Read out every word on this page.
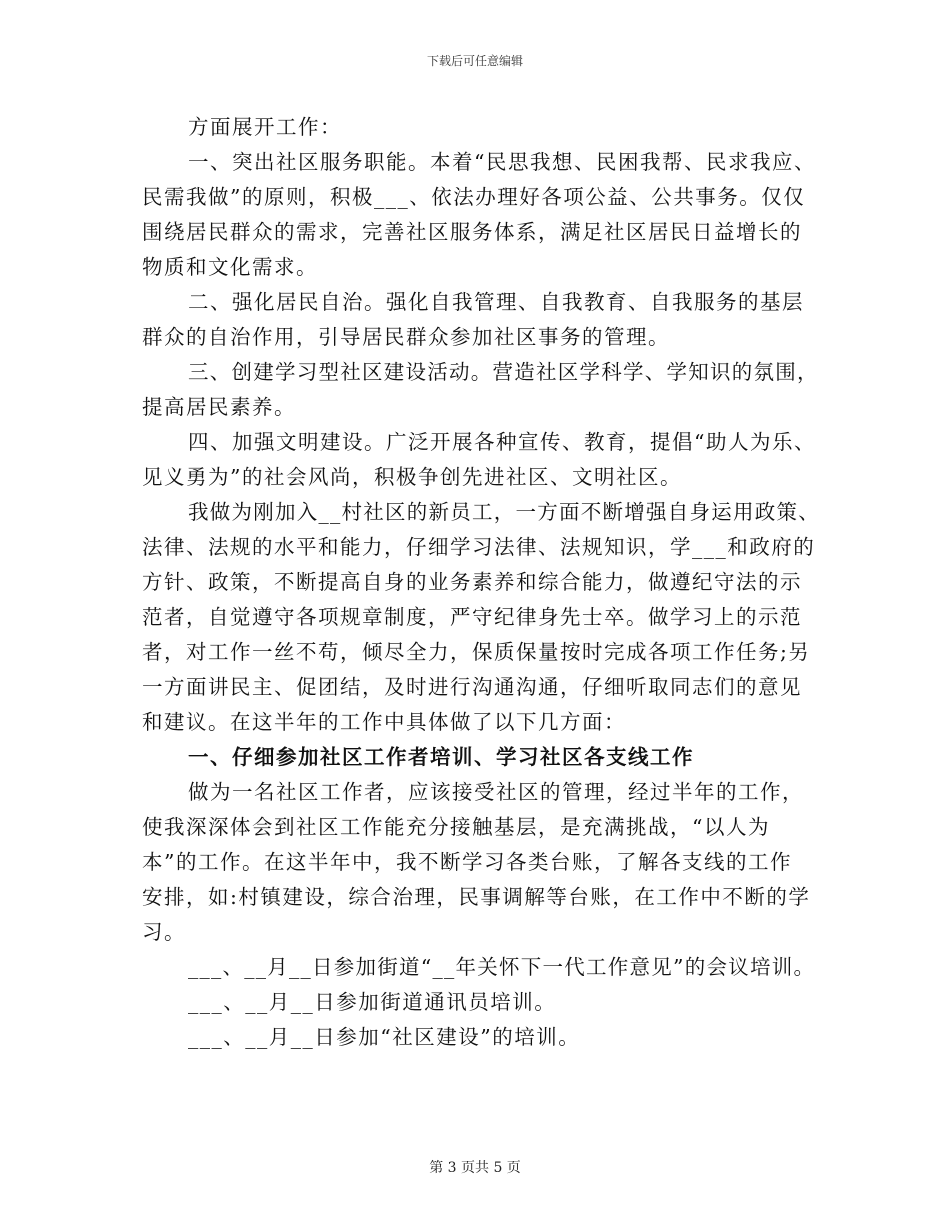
下载后可任意编辑

方面展开工作：

一、突出社区服务职能。本着“民思我想、民困我帮、民求我应、

民需我做”的原则，积极___、依法办理好各项公益、公共事务。仅仅

围绕居民群众的需求，完善社区服务体系，满足社区居民日益增长的

物质和文化需求。

二、强化居民自治。强化自我管理、自我教育、自我服务的基层

群众的自治作用，引导居民群众参加社区事务的管理。

三、创建学习型社区建设活动。营造社区学科学、学知识的氛围，

提高居民素养。

四、加强文明建设。广泛开展各种宣传、教育，提倡“助人为乐、

见义勇为”的社会风尚，积极争创先进社区、文明社区。

我做为刚加入__村社区的新员工，一方面不断增强自身运用政策、

法律、法规的水平和能力，仔细学习法律、法规知识，学___和政府的

方针、政策，不断提高自身的业务素养和综合能力，做遵纪守法的示

范者，自觉遵守各项规章制度，严守纪律身先士卒。做学习上的示范

者，对工作一丝不苟，倾尽全力，保质保量按时完成各项工作任务;另

一方面讲民主、促团结，及时进行沟通沟通，仔细听取同志们的意见

和建议。在这半年的工作中具体做了以下几方面：

一、仔细参加社区工作者培训、学习社区各支线工作

做为一名社区工作者，应该接受社区的管理，经过半年的工作，

使我深深体会到社区工作能充分接触基层，是充满挑战，“以人为

本”的工作。在这半年中，我不断学习各类台账，了解各支线的工作

安排，如:村镇建设，综合治理，民事调解等台账，在工作中不断的学

习。

___、__月__日参加街道“__年关怀下一代工作意见”的会议培训。

___、__月__日参加街道通讯员培训。

___、__月__日参加“社区建设”的培训。

第 3 页共 5 页
